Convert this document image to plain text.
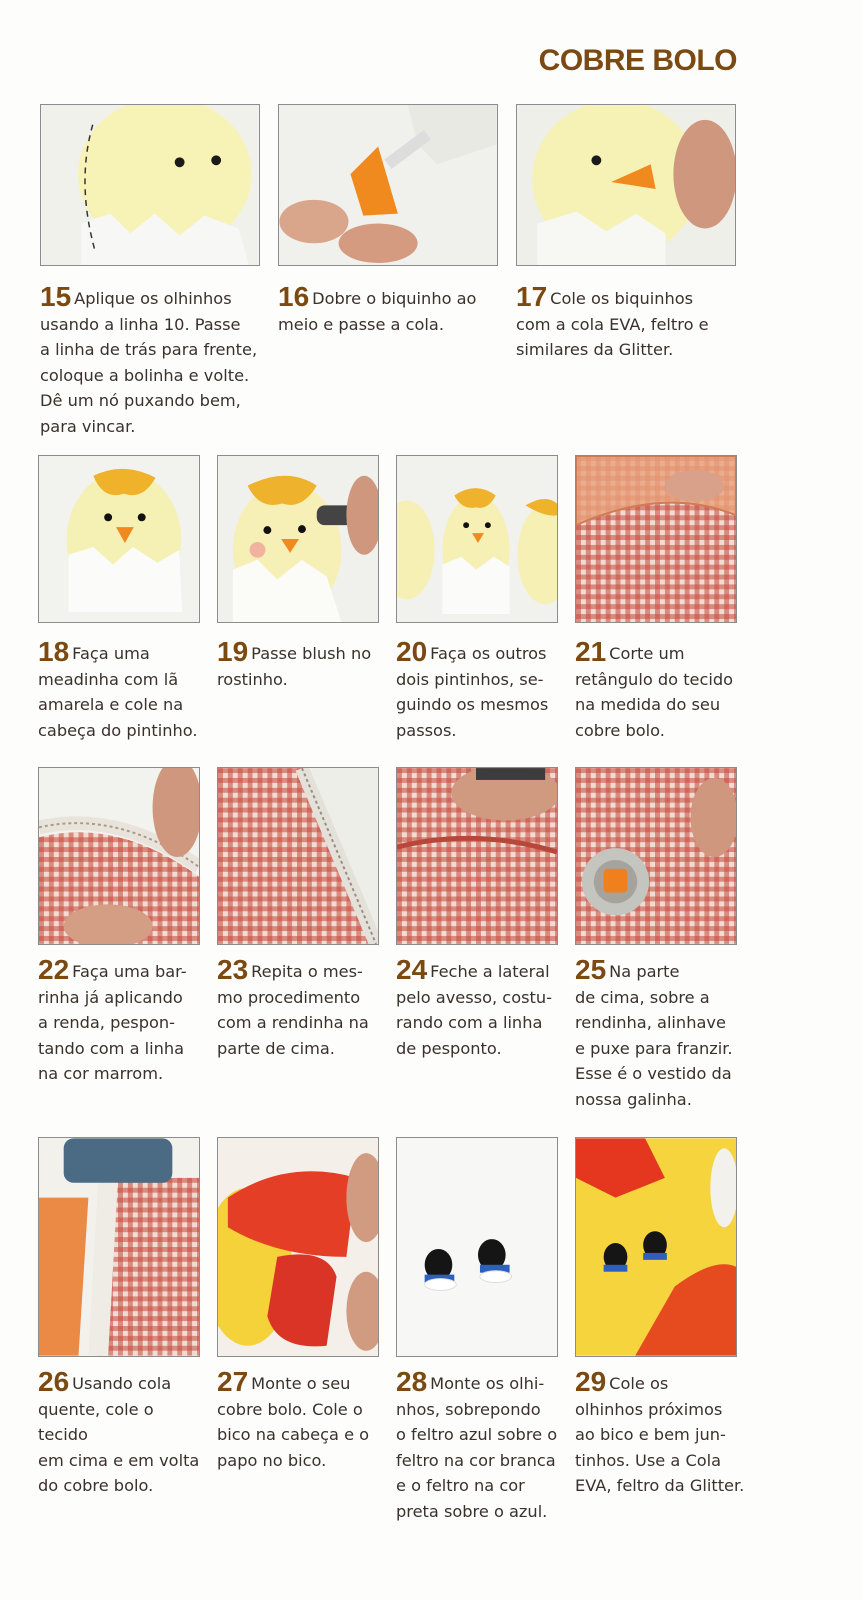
COBRE BOLO
15 Aplique os olhinhos
usando a linha 10. Passe
a linha de trás para frente,
coloque a bolinha e volte.
Dê um nó puxando bem,
para vincar.
16 Dobre o biquinho ao
meio e passe a cola.
17 Cole os biquinhos
com a cola EVA, feltro e
similares da Glitter.
18 Faça uma
meadinha com lã
amarela e cole na
cabeça do pintinho.
19 Passe blush no
rostinho.
20 Faça os outros
dois pintinhos, se-
guindo os mesmos
passos.
21 Corte um
retângulo do tecido
na medida do seu
cobre bolo.
22 Faça uma bar-
rinha já aplicando
a renda, pespon-
tando com a linha
na cor marrom.
23 Repita o mes-
mo procedimento
com a rendinha na
parte de cima.
24 Feche a lateral
pelo avesso, costu-
rando com a linha
de pesponto.
25 Na parte
de cima, sobre a
rendinha, alinhave
e puxe para franzir.
Esse é o vestido da
nossa galinha.
26 Usando cola
quente, cole o tecido
em cima e em volta
do cobre bolo.
27 Monte o seu
cobre bolo. Cole o
bico na cabeça e o
papo no bico.
28 Monte os olhi-
nhos, sobrepondo
o feltro azul sobre o
feltro na cor branca
e o feltro na cor
preta sobre o azul.
29 Cole os
olhinhos próximos
ao bico e bem jun-
tinhos. Use a Cola
EVA, feltro da Glitter.
